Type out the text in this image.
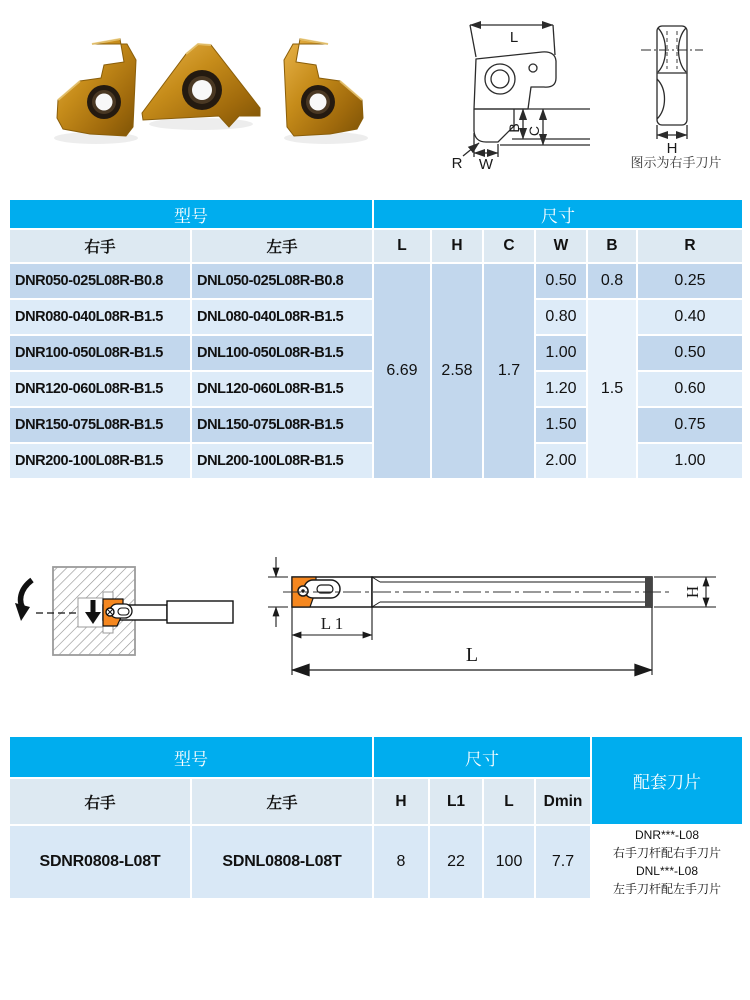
L
B C
R W
H
图示为右手刀片
型号		尺寸					
右手	左手	L	H	C	W	B	R
DNR050-025L08R-B0.8	DNL050-025L08R-B0.8	6.69	2.58	1.7	0.50	0.8	0.25
DNR080-040L08R-B1.5	DNL080-040L08R-B1.5				0.80	1.5	0.40
DNR100-050L08R-B1.5	DNL100-050L08R-B1.5				1.00		0.50
DNR120-060L08R-B1.5	DNL120-060L08R-B1.5				1.20		0.60
DNR150-075L08R-B1.5	DNL150-075L08R-B1.5				1.50		0.75
DNR200-100L08R-B1.5	DNL200-100L08R-B1.5				2.00		1.00
L 1
L
H
型号		尺寸				配套刀片
右手	左手	H	L1	L	Dmin	
SDNR0808-L08T	SDNL0808-L08T	8	22	100	7.7	DNR***-L08
右手刀杆配右手刀片
DNL***-L08
左手刀杆配左手刀片
